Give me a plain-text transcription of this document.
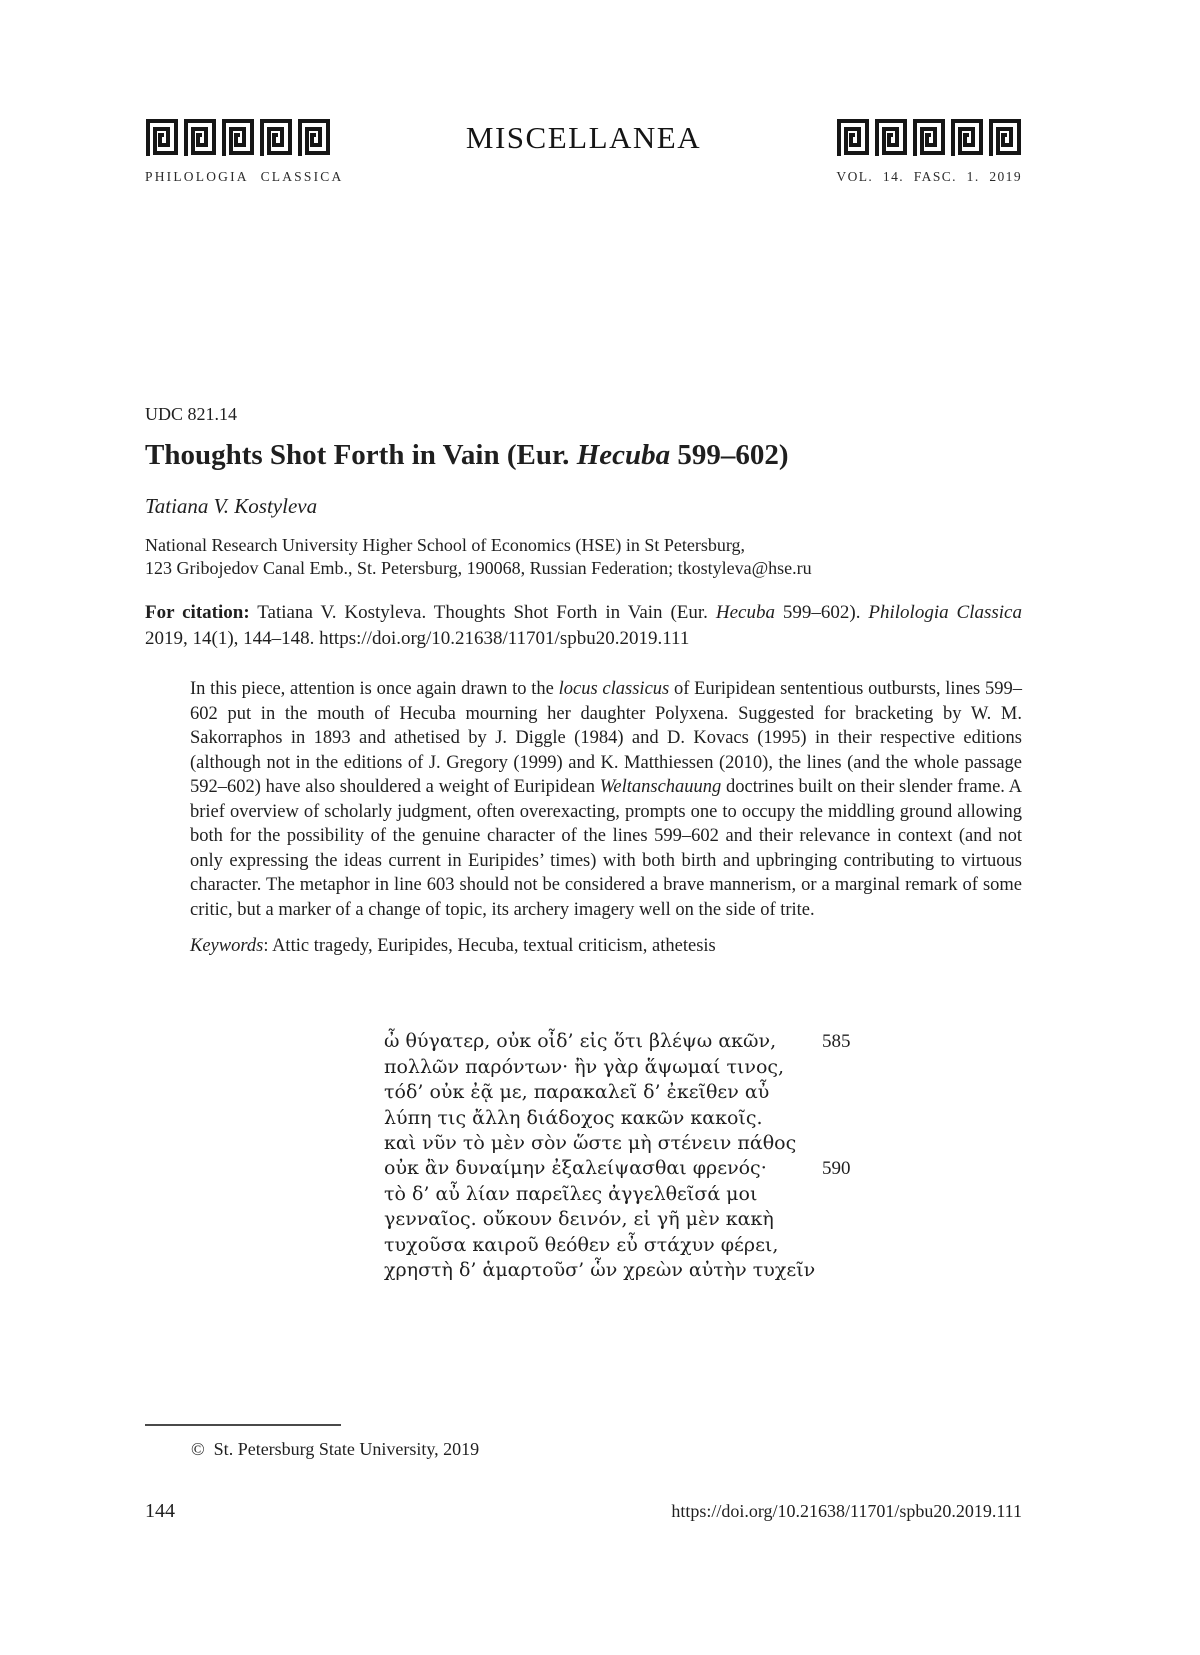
PHILOLOGIA CLASSICA
MISCELLANEA
VOL. 14. FASC. 1. 2019
UDC 821.14
Thoughts Shot Forth in Vain (Eur. Hecuba 599–602)
Tatiana V. Kostyleva
National Research University Higher School of Economics (HSE) in St Petersburg,
123 Gribojedov Canal Emb., St. Petersburg, 190068, Russian Federation; tkostyleva@hse.ru
For citation: Tatiana V. Kostyleva. Thoughts Shot Forth in Vain (Eur. Hecuba 599–602). Philologia Classica 2019, 14(1), 144–148. https://doi.org/10.21638/11701/spbu20.2019.111
In this piece, attention is once again drawn to the locus classicus of Euripidean sententious outbursts, lines 599–602 put in the mouth of Hecuba mourning her daughter Polyxena. Suggested for bracketing by W. M. Sakorraphos in 1893 and athetised by J. Diggle (1984) and D. Kovacs (1995) in their respective editions (although not in the editions of J. Gregory (1999) and K. Matthiessen (2010), the lines (and the whole passage 592–602) have also shouldered a weight of Euripidean Weltanschauung doctrines built on their slender frame. A brief overview of scholarly judgment, often overexacting, prompts one to occupy the middling ground allowing both for the possibility of the genuine character of the lines 599–602 and their relevance in context (and not only expressing the ideas current in Euripides’ times) with both birth and upbringing contributing to virtuous character. The metaphor in line 603 should not be considered a brave mannerism, or a marginal remark of some critic, but a marker of a change of topic, its archery imagery well on the side of trite.
Keywords: Attic tragedy, Euripides, Hecuba, textual criticism, athetesis
ὦ θύγατερ, οὐκ οἶδ’ εἰς ὅτι βλέψω ακῶν, 585
πολλῶν παρόντων· ἢν γὰρ ἅψωμαί τινος,
τόδ’ οὐκ ἐᾷ με, παρακαλεῖ δ’ ἐκεῖθεν αὖ
λύπη τις ἄλλη διάδοχος κακῶν κακοῖς.
καὶ νῦν τὸ μὲν σὸν ὥστε μὴ στένειν πάθος
οὐκ ἂν δυναίμην ἐξαλείψασθαι φρενός·	590
τὸ δ’ αὖ λίαν παρεῖλες ἀγγελθεῖσά μοι
γενναῖος. οὔκουν δεινόν, εἰ γῆ μὲν κακὴ
τυχοῦσα καιροῦ θεόθεν εὖ στάχυν φέρει,
χρηστὴ δ’ ἁμαρτοῦσ’ ὧν χρεὼν αὐτὴν τυχεῖν
© St. Petersburg State University, 2019
144	https://doi.org/10.21638/11701/spbu20.2019.111
